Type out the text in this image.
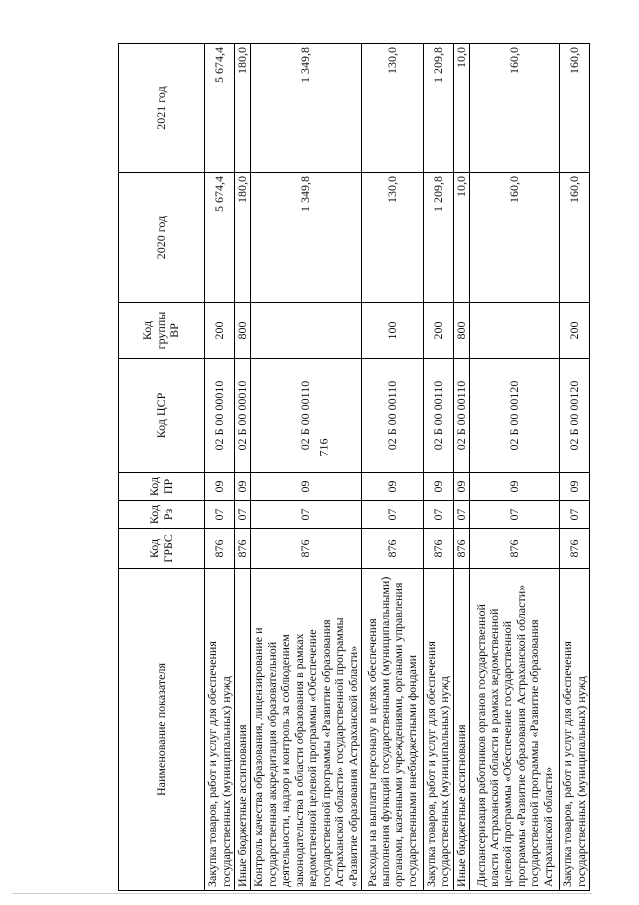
716
Наименование показателя	Код ГРБС	Код Рз	Код ПР	Код ЦСР	Код группы ВР	2020 год	2021 год
Закупка товаров, работ и услуг для обеспечения государственных (муниципальных) нужд	876	07	09	02 Б 00 00010	200	5 674,4	5 674,4
Иные бюджетные ассигнования	876	07	09	02 Б 00 00010	800	180,0	180,0
Контроль качества образования, лицензирование и государственная аккредитация образовательной деятельности, надзор и контроль за соблюдением законодательства в области образования в рамках ведомственной целевой программы «Обеспечение государственной программы «Развитие образования Астраханской области» государственной программы «Развитие образования Астраханской области»	876	07	09	02 Б 00 00110		1 349,8	1 349,8
Расходы на выплаты персоналу в целях обеспечения выполнения функций государственными (муниципальными) органами, казенными учреждениями, органами управления государственными внебюджетными фондами	876	07	09	02 Б 00 00110	100	130,0	130,0
Закупка товаров, работ и услуг для обеспечения государственных (муниципальных) нужд	876	07	09	02 Б 00 00110	200	1 209,8	1 209,8
Иные бюджетные ассигнования	876	07	09	02 Б 00 00110	800	10,0	10,0
Диспансеризация работников органов государственной власти Астраханской области в рамках ведомственной целевой программы «Обеспечение государственной программы «Развитие образования Астраханской области» государственной программы «Развитие образования Астраханской области»	876	07	09	02 Б 00 00120		160,0	160,0
Закупка товаров, работ и услуг для обеспечения государственных (муниципальных) нужд	876	07	09	02 Б 00 00120	200	160,0	160,0
